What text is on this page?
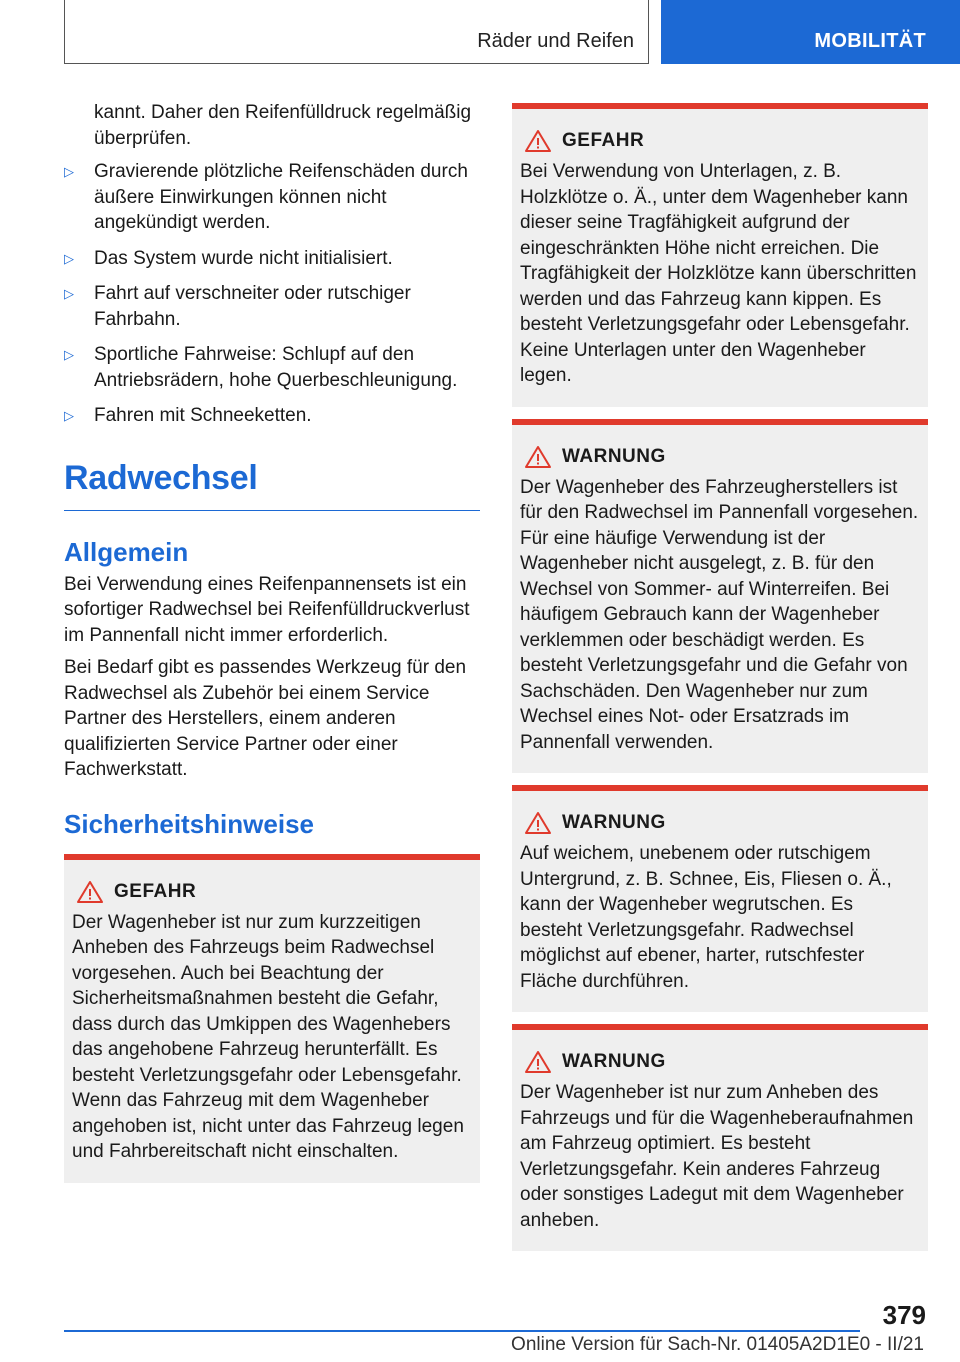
Räder und Reifen	MOBILITÄT

kannt. Daher den Reifenfülldruck regelmäßig überprüfen.

▷ Gravierende plötzliche Reifenschäden durch äußere Einwirkungen können nicht angekündigt werden.
▷ Das System wurde nicht initialisiert.
▷ Fahrt auf verschneiter oder rutschiger Fahrbahn.
▷ Sportliche Fahrweise: Schlupf auf den Antriebsrädern, hohe Querbeschleunigung.
▷ Fahren mit Schneeketten.
Radwechsel
Allgemein

Bei Verwendung eines Reifenpannensets ist ein sofortiger Radwechsel bei Reifenfülldruckverlust im Pannenfall nicht immer erforderlich.

Bei Bedarf gibt es passendes Werkzeug für den Radwechsel als Zubehör bei einem Service Partner des Herstellers, einem anderen qualifizierten Service Partner oder einer Fachwerkstatt.

Sicherheitshinweise
GEFAHR
Der Wagenheber ist nur zum kurzzeitigen Anheben des Fahrzeugs beim Radwechsel vorgesehen. Auch bei Beachtung der Sicherheitsmaßnahmen besteht die Gefahr, dass durch das Umkippen des Wagenhebers das angehobene Fahrzeug herunterfällt. Es besteht Verletzungsgefahr oder Lebensgefahr. Wenn das Fahrzeug mit dem Wagenheber angehoben ist, nicht unter das Fahrzeug legen und Fahrbereitschaft nicht einschalten.
GEFAHR
Bei Verwendung von Unterlagen, z. B. Holzklötze o. Ä., unter dem Wagenheber kann dieser seine Tragfähigkeit aufgrund der eingeschränkten Höhe nicht erreichen. Die Tragfähigkeit der Holzklötze kann überschritten werden und das Fahrzeug kann kippen. Es besteht Verletzungsgefahr oder Lebensgefahr. Keine Unterlagen unter den Wagenheber legen.
WARNUNG
Der Wagenheber des Fahrzeugherstellers ist für den Radwechsel im Pannenfall vorgesehen. Für eine häufige Verwendung ist der Wagenheber nicht ausgelegt, z. B. für den Wechsel von Sommer- auf Winterreifen. Bei häufigem Gebrauch kann der Wagenheber verklemmen oder beschädigt werden. Es besteht Verletzungsgefahr und die Gefahr von Sachschäden. Den Wagenheber nur zum Wechsel eines Not- oder Ersatzrads im Pannenfall verwenden.
WARNUNG
Auf weichem, unebenem oder rutschigem Untergrund, z. B. Schnee, Eis, Fliesen o. Ä., kann der Wagenheber wegrutschen. Es besteht Verletzungsgefahr. Radwechsel möglichst auf ebener, harter, rutschfester Fläche durchführen.
WARNUNG
Der Wagenheber ist nur zum Anheben des Fahrzeugs und für die Wagenheberaufnahmen am Fahrzeug optimiert. Es besteht Verletzungsgefahr. Kein anderes Fahrzeug oder sonstiges Ladegut mit dem Wagenheber anheben.
379
Online Version für Sach-Nr. 01405A2D1E0 - II/21
